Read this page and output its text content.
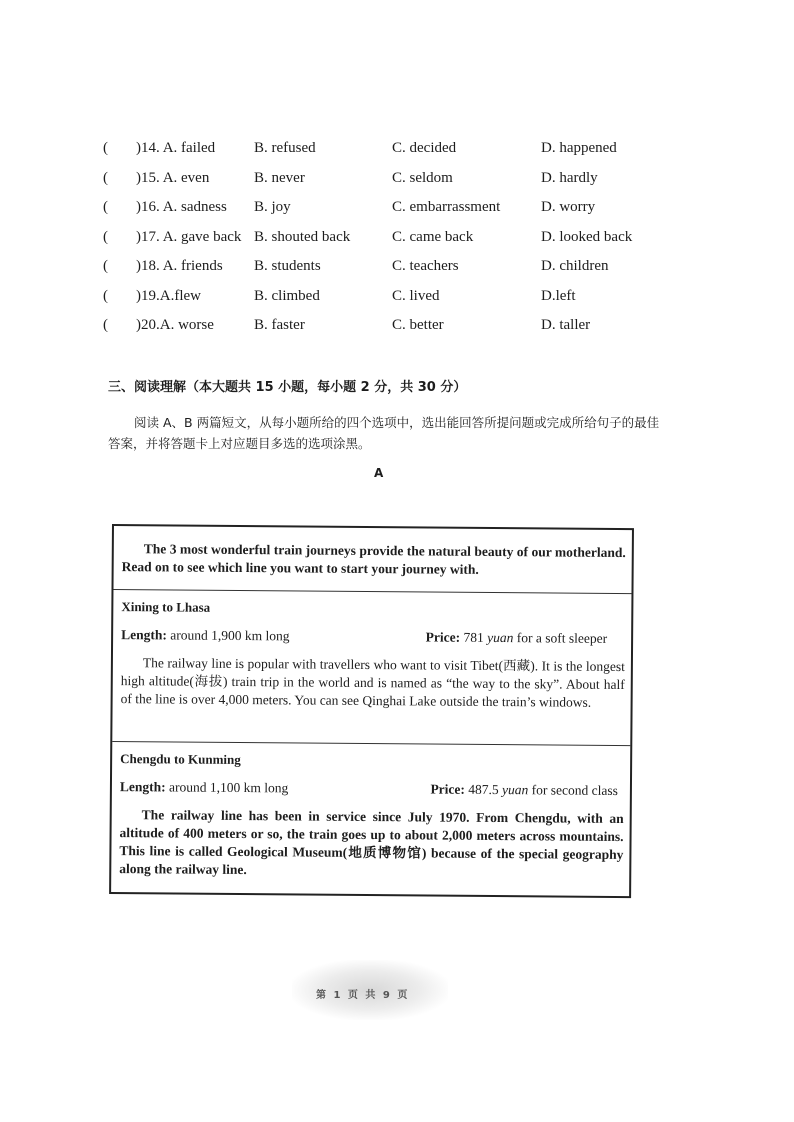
( )14. A. failed	B. refused	C. decided	D. happened
( )15. A. even	B. never	C. seldom	D. hardly
( )16. A. sadness B. joy	C. embarrassment	D. worry
( )17. A. gave back B. shouted back	C. came back	D. looked back
( )18. A. friends B. students	C. teachers	D. children
( )19.A.flew	B. climbed	C. lived	D.left
( )20.A. worse	B. faster	C. better	D. taller
三、阅读理解（本大题共 15 小题，每小题 2 分，共 30 分）
阅读 A、B 两篇短文，从每小题所给的四个选项中，选出能回答所提问题或完成所给句子的最佳答案，并将答题卡上对应题目多选的选项涂黑。
A
The 3 most wonderful train journeys provide the natural beauty of our motherland. Read on to see which line you want to start your journey with.
Xining to Lhasa
Length: around 1,900 km long	Price: 781 yuan for a soft sleeper
The railway line is popular with travellers who want to visit Tibet(西藏). It is the longest high altitude(海拔) train trip in the world and is named as “the way to the sky”. About half of the line is over 4,000 meters. You can see Qinghai Lake outside the train’s windows.
Chengdu to Kunming
Length: around 1,100 km long	Price: 487.5 yuan for second class
The railway line has been in service since July 1970. From Chengdu, with an altitude of 400 meters or so, the train goes up to about 2,000 meters across mountains. This line is called Geological Museum(地质博物馆) because of the special geography along the railway line.
第 1 页 共 9 页
